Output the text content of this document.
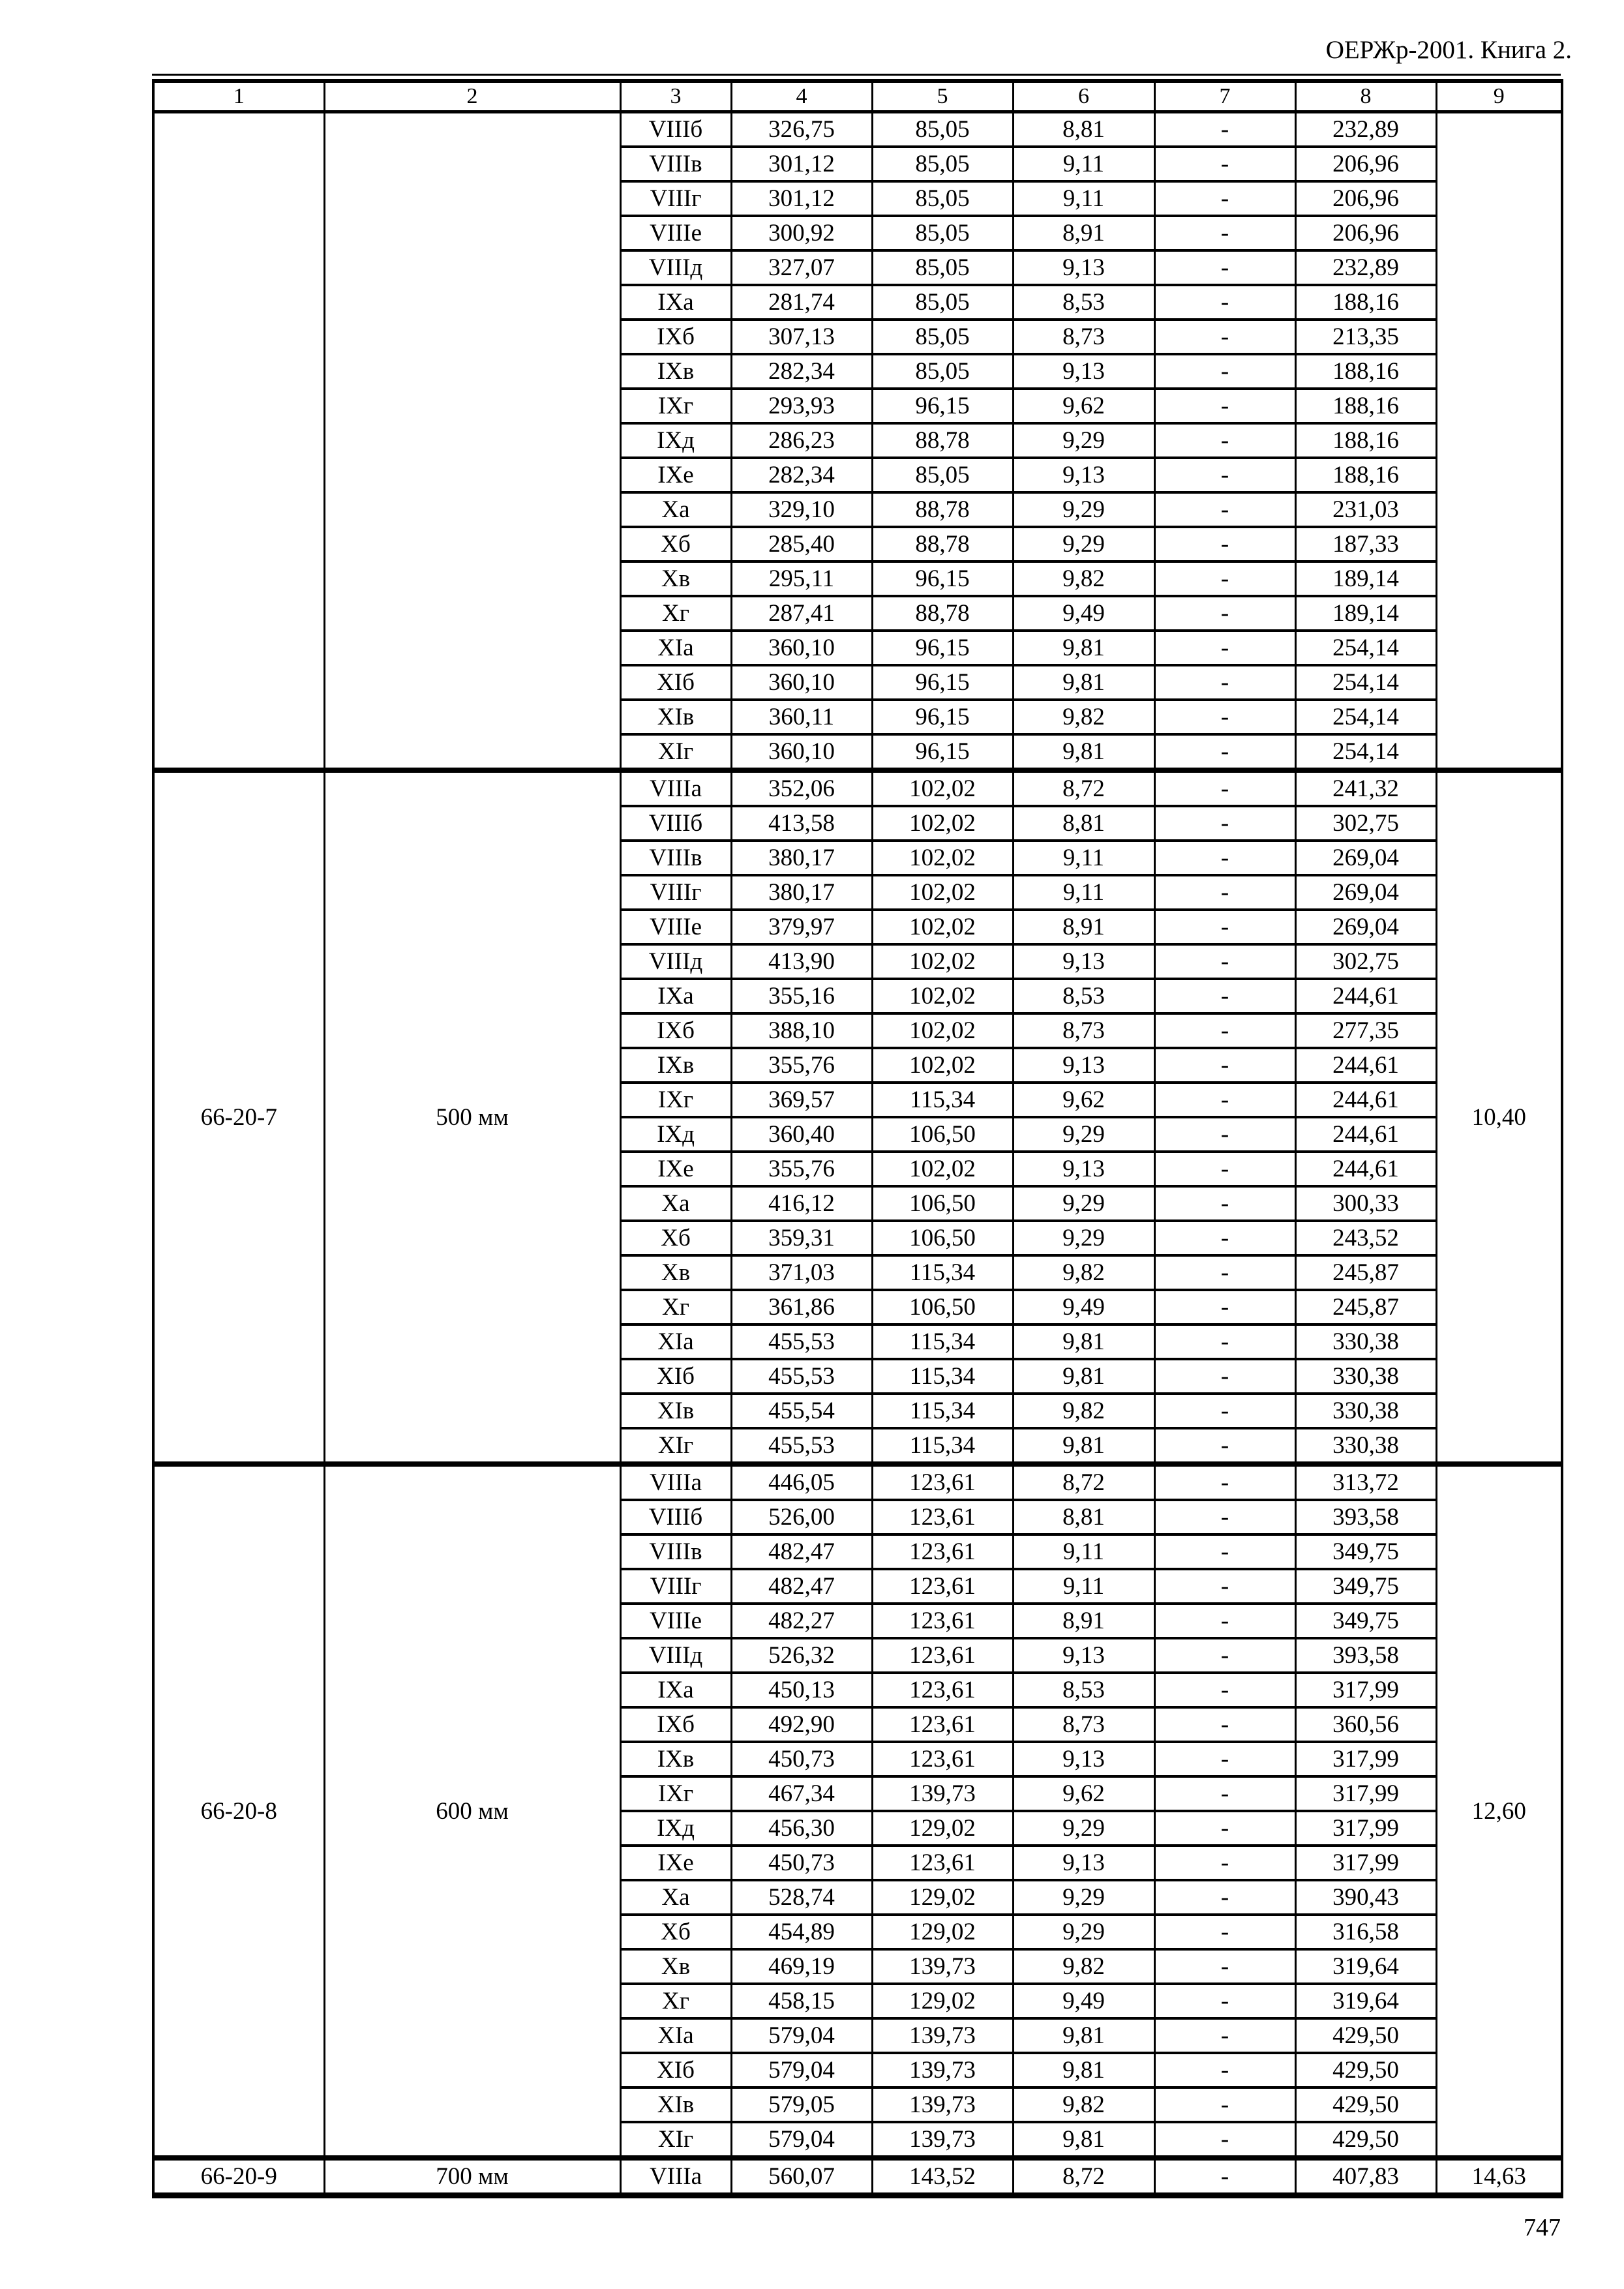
ОЕРЖр-2001. Книга 2.
1	2	3	4	5	6	7	8	9
		VIIIб	326,75	85,05	8,81	-	232,89	
		VIIIв	301,12	85,05	9,11	-	206,96	
		VIIIг	301,12	85,05	9,11	-	206,96	
		VIIIе	300,92	85,05	8,91	-	206,96	
		VIIIд	327,07	85,05	9,13	-	232,89	
		IXа	281,74	85,05	8,53	-	188,16	
		IXб	307,13	85,05	8,73	-	213,35	
		IXв	282,34	85,05	9,13	-	188,16	
		IXг	293,93	96,15	9,62	-	188,16	
		IXд	286,23	88,78	9,29	-	188,16	
		IXе	282,34	85,05	9,13	-	188,16	
		Xа	329,10	88,78	9,29	-	231,03	
		Xб	285,40	88,78	9,29	-	187,33	
		Xв	295,11	96,15	9,82	-	189,14	
		Xг	287,41	88,78	9,49	-	189,14	
		XIа	360,10	96,15	9,81	-	254,14	
		XIб	360,10	96,15	9,81	-	254,14	
		XIв	360,11	96,15	9,82	-	254,14	
		XIг	360,10	96,15	9,81	-	254,14	
66-20-7	500 мм	VIIIа	352,06	102,02	8,72	-	241,32	10,40
		VIIIб	413,58	102,02	8,81	-	302,75	
		VIIIв	380,17	102,02	9,11	-	269,04	
		VIIIг	380,17	102,02	9,11	-	269,04	
		VIIIе	379,97	102,02	8,91	-	269,04	
		VIIIд	413,90	102,02	9,13	-	302,75	
		IXа	355,16	102,02	8,53	-	244,61	
		IXб	388,10	102,02	8,73	-	277,35	
		IXв	355,76	102,02	9,13	-	244,61	
		IXг	369,57	115,34	9,62	-	244,61	
		IXд	360,40	106,50	9,29	-	244,61	
		IXе	355,76	102,02	9,13	-	244,61	
		Xа	416,12	106,50	9,29	-	300,33	
		Xб	359,31	106,50	9,29	-	243,52	
		Xв	371,03	115,34	9,82	-	245,87	
		Xг	361,86	106,50	9,49	-	245,87	
		XIа	455,53	115,34	9,81	-	330,38	
		XIб	455,53	115,34	9,81	-	330,38	
		XIв	455,54	115,34	9,82	-	330,38	
		XIг	455,53	115,34	9,81	-	330,38	
66-20-8	600 мм	VIIIа	446,05	123,61	8,72	-	313,72	12,60
		VIIIб	526,00	123,61	8,81	-	393,58	
		VIIIв	482,47	123,61	9,11	-	349,75	
		VIIIг	482,47	123,61	9,11	-	349,75	
		VIIIе	482,27	123,61	8,91	-	349,75	
		VIIIд	526,32	123,61	9,13	-	393,58	
		IXа	450,13	123,61	8,53	-	317,99	
		IXб	492,90	123,61	8,73	-	360,56	
		IXв	450,73	123,61	9,13	-	317,99	
		IXг	467,34	139,73	9,62	-	317,99	
		IXд	456,30	129,02	9,29	-	317,99	
		IXе	450,73	123,61	9,13	-	317,99	
		Xа	528,74	129,02	9,29	-	390,43	
		Xб	454,89	129,02	9,29	-	316,58	
		Xв	469,19	139,73	9,82	-	319,64	
		Xг	458,15	129,02	9,49	-	319,64	
		XIа	579,04	139,73	9,81	-	429,50	
		XIб	579,04	139,73	9,81	-	429,50	
		XIв	579,05	139,73	9,82	-	429,50	
		XIг	579,04	139,73	9,81	-	429,50	
66-20-9	700 мм	VIIIа	560,07	143,52	8,72	-	407,83	14,63
747
